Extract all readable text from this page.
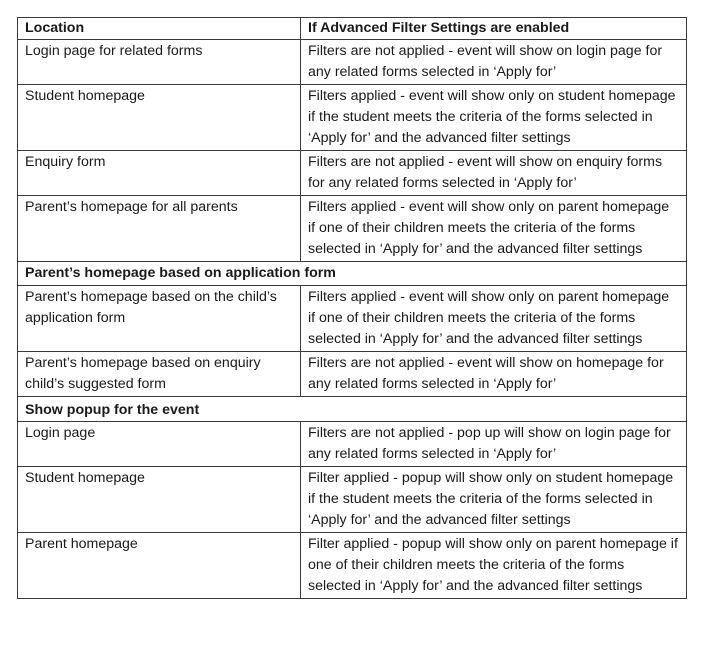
Location	If Advanced Filter Settings are enabled

Login page for related forms	Filters are not applied - event will show on login page for any related forms selected in ‘Apply for’

Student homepage	Filters applied - event will show only on student homepage if the student meets the criteria of the forms selected in ‘Apply for’ and the advanced filter settings

Enquiry form	Filters are not applied - event will show on enquiry forms for any related forms selected in ‘Apply for’

Parent’s homepage for all parents	Filters applied - event will show only on parent homepage if one of their children meets the criteria of the forms selected in ‘Apply for’ and the advanced filter settings

Parent’s homepage based on application form	

Parent’s homepage based on the child’s application form	Filters applied - event will show only on parent homepage if one of their children meets the criteria of the forms selected in ‘Apply for’ and the advanced filter settings

Parent’s homepage based on enquiry child’s suggested form	Filters are not applied - event will show on homepage for any related forms selected in ‘Apply for’

Show popup for the event	

Login page	Filters are not applied - pop up will show on login page for any related forms selected in ‘Apply for’

Student homepage	Filter applied - popup will show only on student homepage if the student meets the criteria of the forms selected in ‘Apply for’ and the advanced filter settings

Parent homepage	Filter applied - popup will show only on parent homepage if one of their children meets the criteria of the forms selected in ‘Apply for’ and the advanced filter settings
